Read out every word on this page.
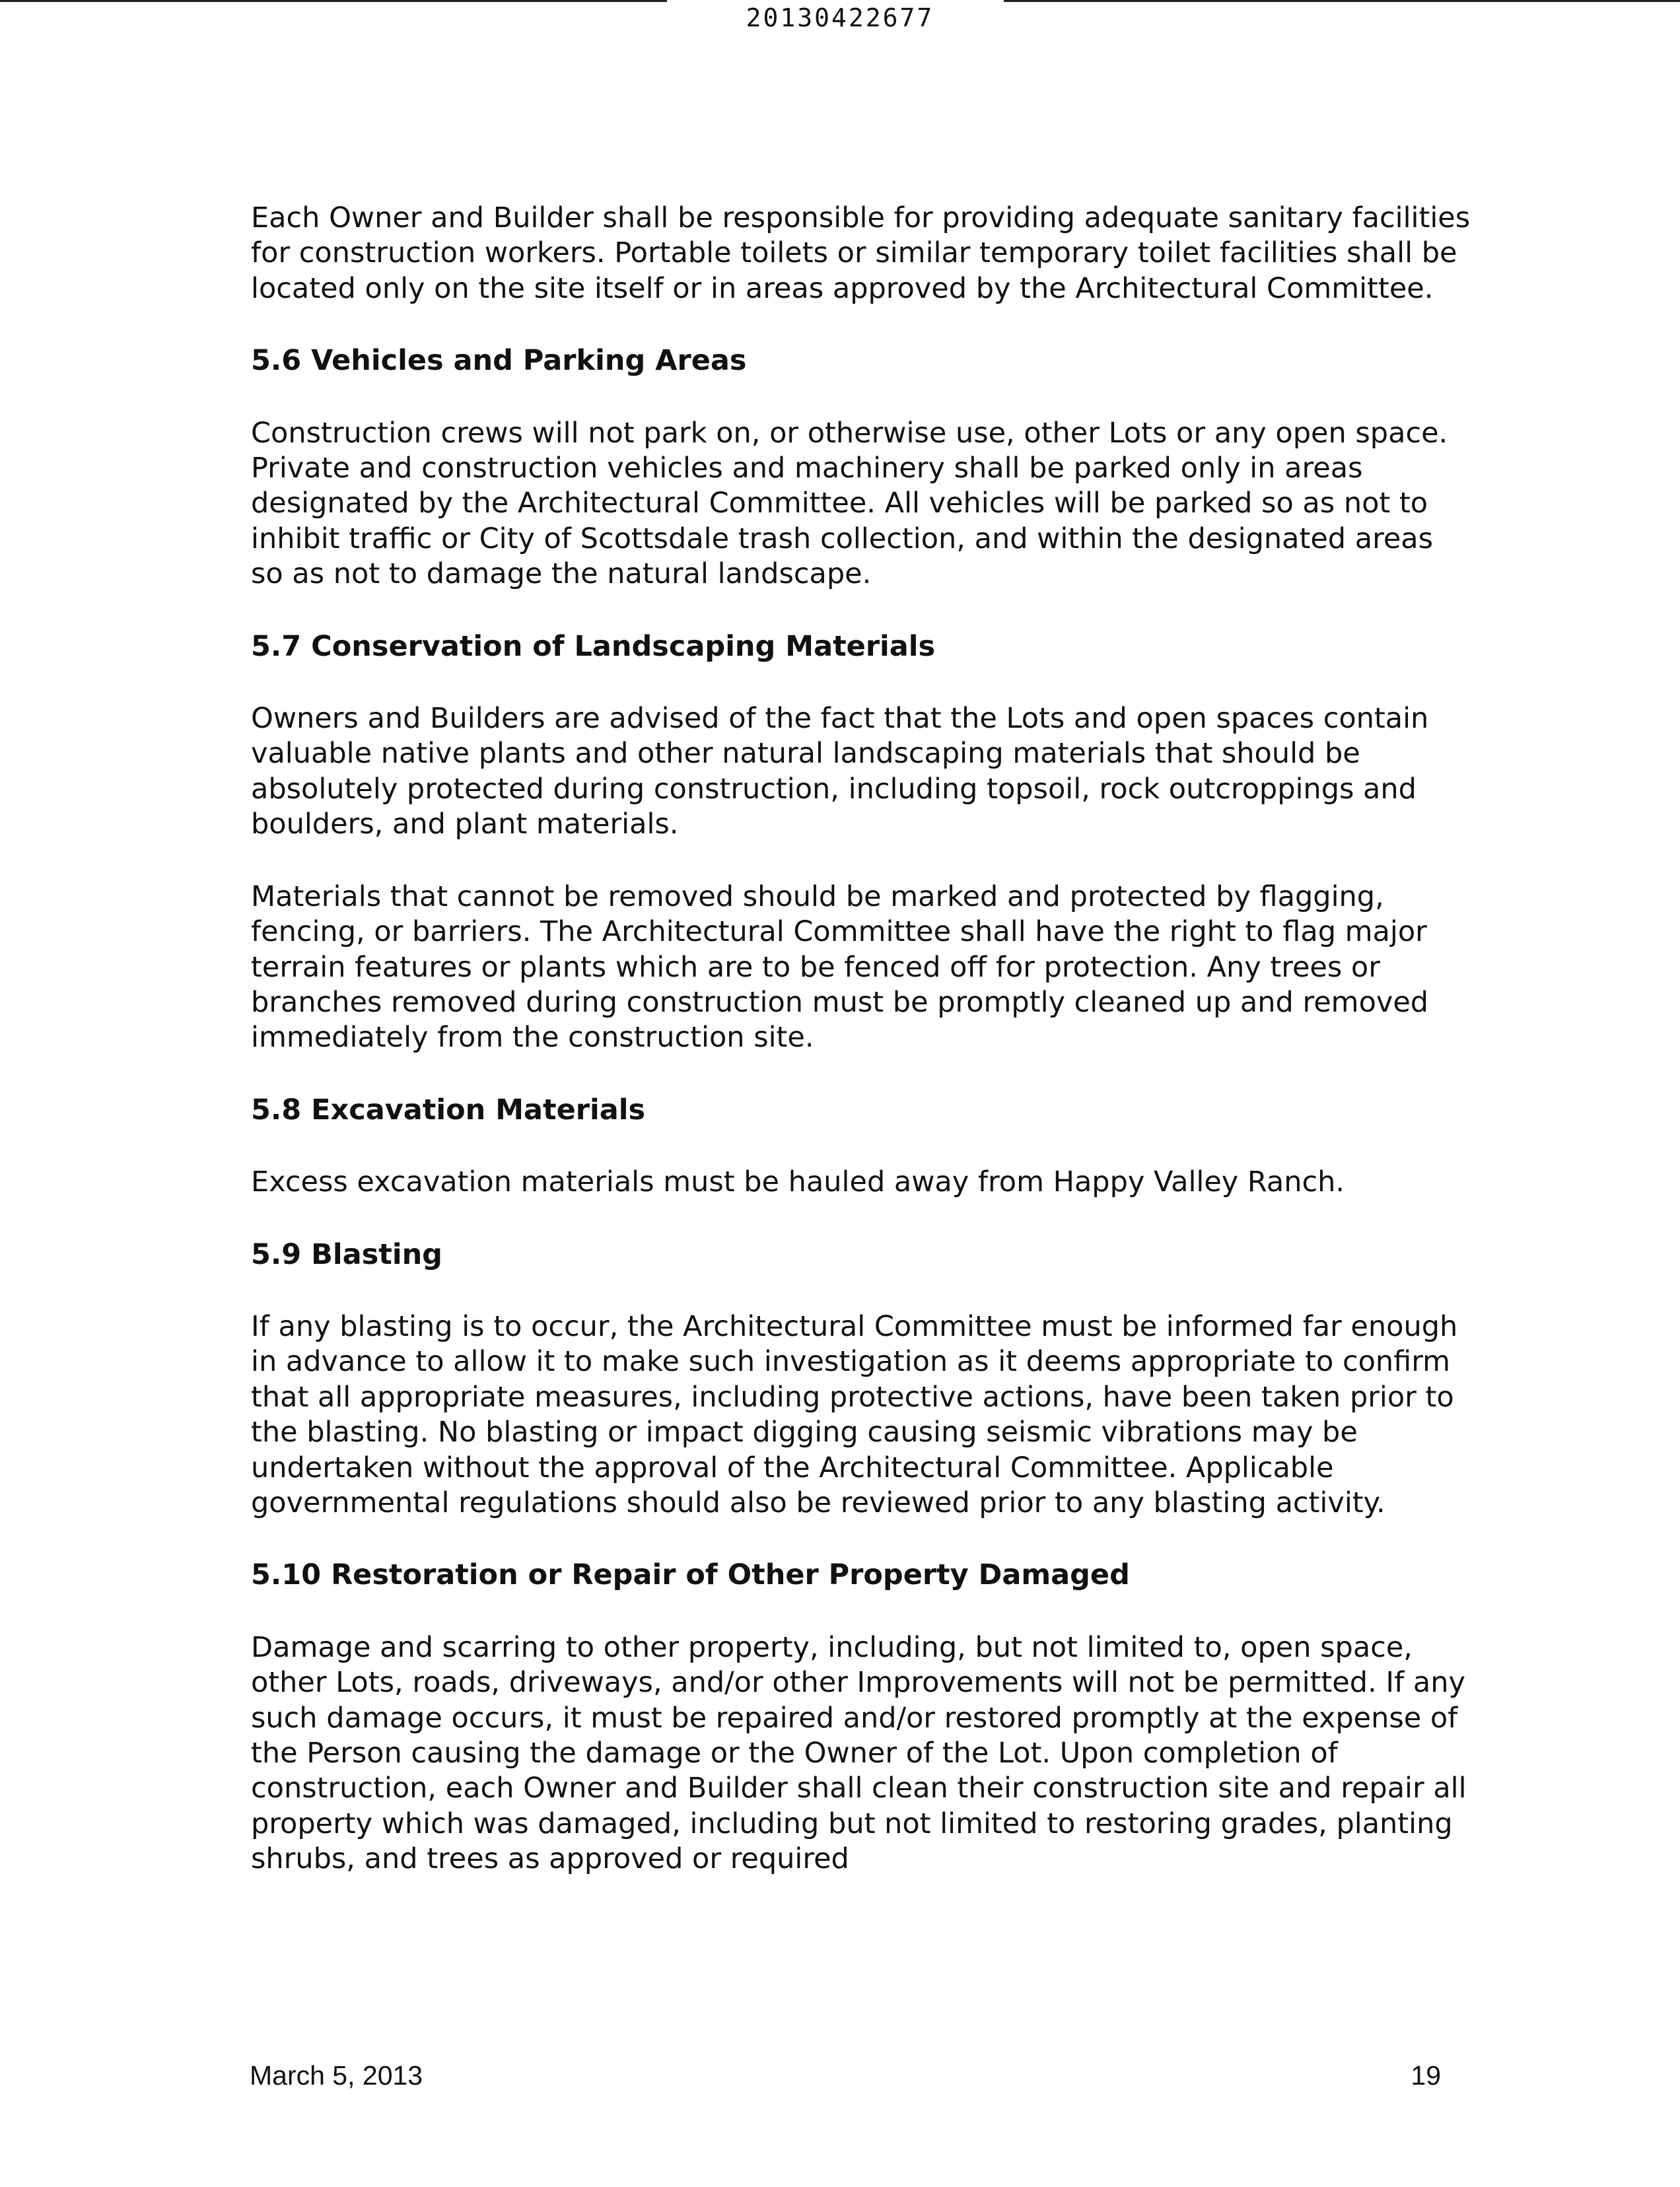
20130422677

Each Owner and Builder shall be responsible for providing adequate sanitary facilities for construction workers. Portable toilets or similar temporary toilet facilities shall be located only on the site itself or in areas approved by the Architectural Committee.

5.6 Vehicles and Parking Areas

Construction crews will not park on, or otherwise use, other Lots or any open space. Private and construction vehicles and machinery shall be parked only in areas designated by the Architectural Committee. All vehicles will be parked so as not to inhibit traffic or City of Scottsdale trash collection, and within the designated areas so as not to damage the natural landscape.

5.7 Conservation of Landscaping Materials

Owners and Builders are advised of the fact that the Lots and open spaces contain valuable native plants and other natural landscaping materials that should be absolutely protected during construction, including topsoil, rock outcroppings and boulders, and plant materials.

Materials that cannot be removed should be marked and protected by flagging, fencing, or barriers. The Architectural Committee shall have the right to flag major terrain features or plants which are to be fenced off for protection. Any trees or branches removed during construction must be promptly cleaned up and removed immediately from the construction site.

5.8 Excavation Materials

Excess excavation materials must be hauled away from Happy Valley Ranch.

5.9 Blasting

If any blasting is to occur, the Architectural Committee must be informed far enough in advance to allow it to make such investigation as it deems appropriate to confirm that all appropriate measures, including protective actions, have been taken prior to the blasting. No blasting or impact digging causing seismic vibrations may be undertaken without the approval of the Architectural Committee. Applicable governmental regulations should also be reviewed prior to any blasting activity.

5.10 Restoration or Repair of Other Property Damaged

Damage and scarring to other property, including, but not limited to, open space, other Lots, roads, driveways, and/or other Improvements will not be permitted. If any such damage occurs, it must be repaired and/or restored promptly at the expense of the Person causing the damage or the Owner of the Lot. Upon completion of construction, each Owner and Builder shall clean their construction site and repair all property which was damaged, including but not limited to restoring grades, planting shrubs, and trees as approved or required

March 5, 2013	19
